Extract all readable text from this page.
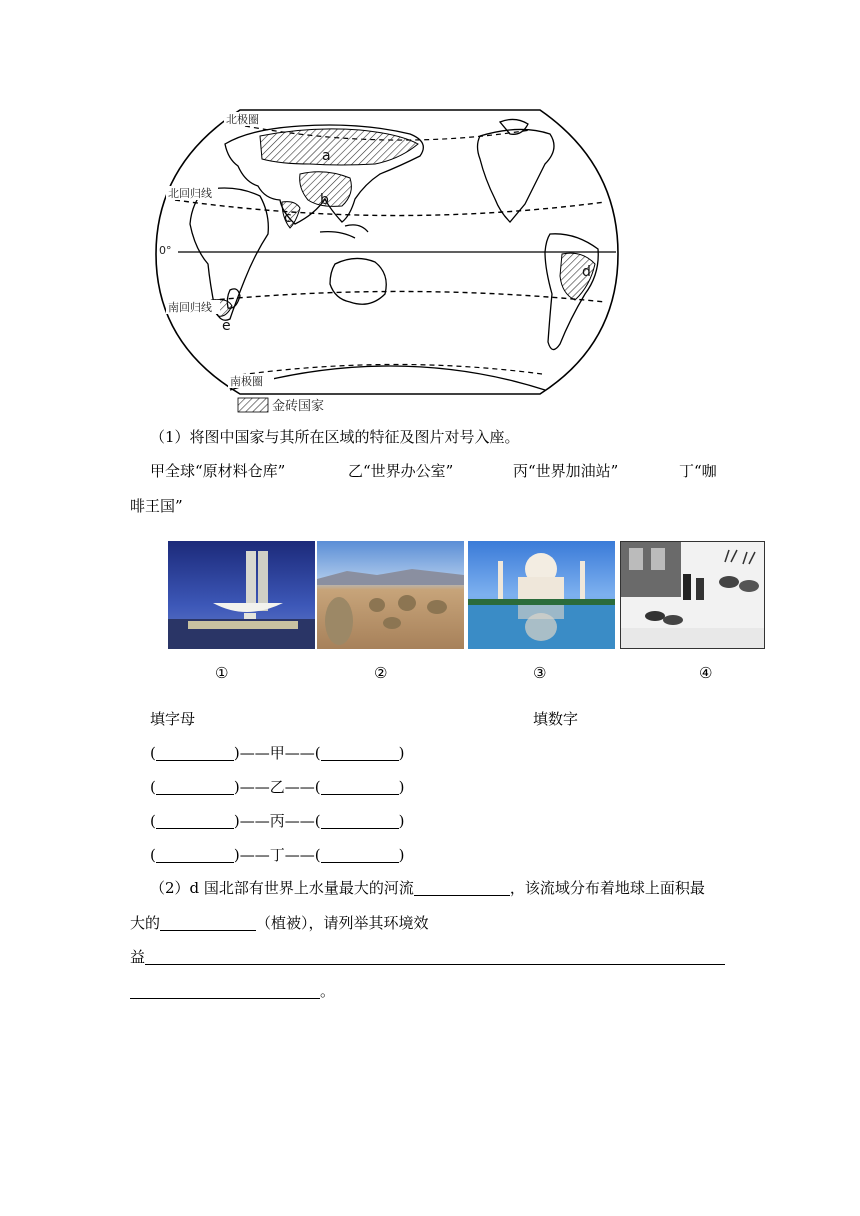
北极圈
北回归线
0°
南回归线
南极圈
a
b
c
d
e
金砖国家
（1）将图中国家与其所在区域的特征及图片对号入座。
甲全球“原材料仓库”	乙“世界办公室”	丙“世界加油站”	丁“咖
啡王国”
①	②	③	④
填字母	填数字
(	)——甲——(	)
(	)——乙——(	)
(	)——丙——(	)
(	)——丁——(	)
（2）d 国北部有世界上水量最大的河流	，该流域分布着地球上面积最
大的	（植被），请列举其环境效
益
。
